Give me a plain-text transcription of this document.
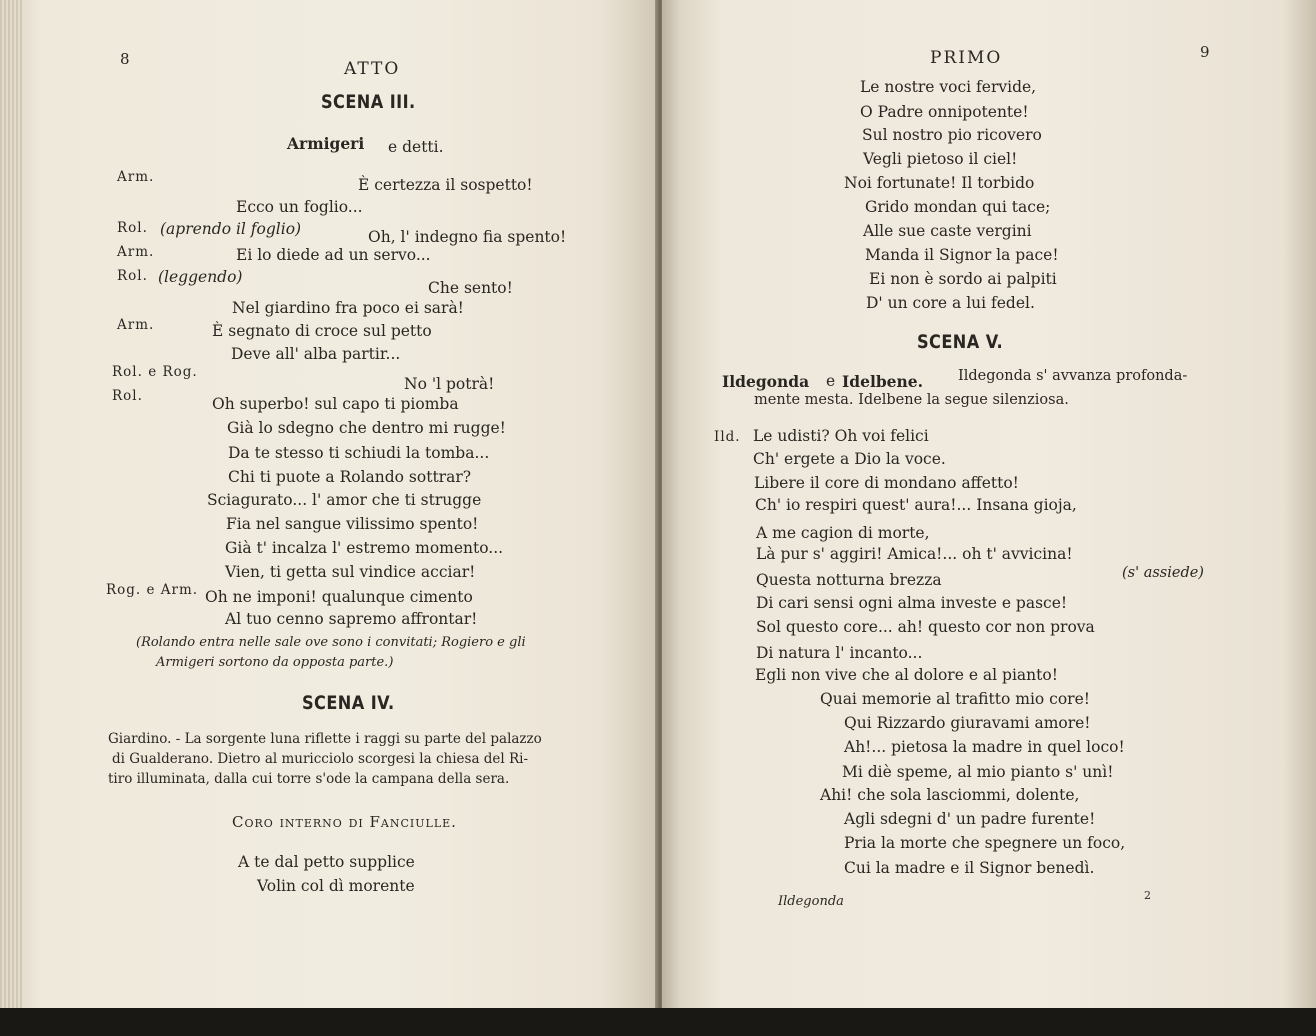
8	ATTO
SCENA III.
Armigeri e detti.
Arm.	È certezza il sospetto!
Ecco un foglio...
Rol. (aprendo il foglio)	Oh, l' indegno fia spento!
Arm.	Ei lo diede ad un servo...
Rol. (leggendo)
Che sento!
Nel giardino fra poco ei sarà!
Arm.	È segnato di croce sul petto
Deve all' alba partir...
Rol. e Rog.
No 'l potrà!
Rol.	Oh superbo! sul capo ti piomba
Già lo sdegno che dentro mi rugge!
Da te stesso ti schiudi la tomba...
Chi ti puote a Rolando sottrar?
Sciagurato... l' amor che ti strugge
Fia nel sangue vilissimo spento!
Già t' incalza l' estremo momento...
Vien, ti getta sul vindice acciar!
Rog. e Arm. Oh ne imponi! qualunque cimento
Al tuo cenno sapremo affrontar!
(Rolando entra nelle sale ove sono i convitati; Rogiero e gli
Armigeri sortono da opposta parte.)
SCENA IV.
Giardino. - La sorgente luna riflette i raggi su parte del palazzo
di Gualderano. Dietro al muricciolo scorgesi la chiesa del Ri-
tiro illuminata, dalla cui torre s'ode la campana della sera.
Coro interno di Fanciulle.
A te dal petto supplice
Volin col dì morente
PRIMO	9
Le nostre voci fervide,
O Padre onnipotente!
Sul nostro pio ricovero
Vegli pietoso il ciel!
Noi fortunate! Il torbido
Grido mondan qui tace;
Alle sue caste vergini
Manda il Signor la pace!
Ei non è sordo ai palpiti
D' un core a lui fedel.
SCENA V.
Ildegonda e Idelbene. Ildegonda s' avvanza profonda-
mente mesta. Idelbene la segue silenziosa.
Ild. Le udisti? Oh voi felici
Ch' ergete a Dio la voce.
Libere il core di mondano affetto!
Ch' io respiri quest' aura!... Insana gioja,
A me cagion di morte,
Là pur s' aggiri! Amica!... oh t' avvicina!
Questa notturna brezza	(s' assiede)
Di cari sensi ogni alma investe e pasce!
Sol questo core... ah! questo cor non prova
Di natura l' incanto...
Egli non vive che al dolore e al pianto!
Quai memorie al trafitto mio core!
Qui Rizzardo giuravami amore!
Ah!... pietosa la madre in quel loco!
Mi diè speme, al mio pianto s' unì!
Ahi! che sola lasciommi, dolente,
Agli sdegni d' un padre furente!
Pria la morte che spegnere un foco,
Cui la madre e il Signor benedì.
Ildegonda	2
